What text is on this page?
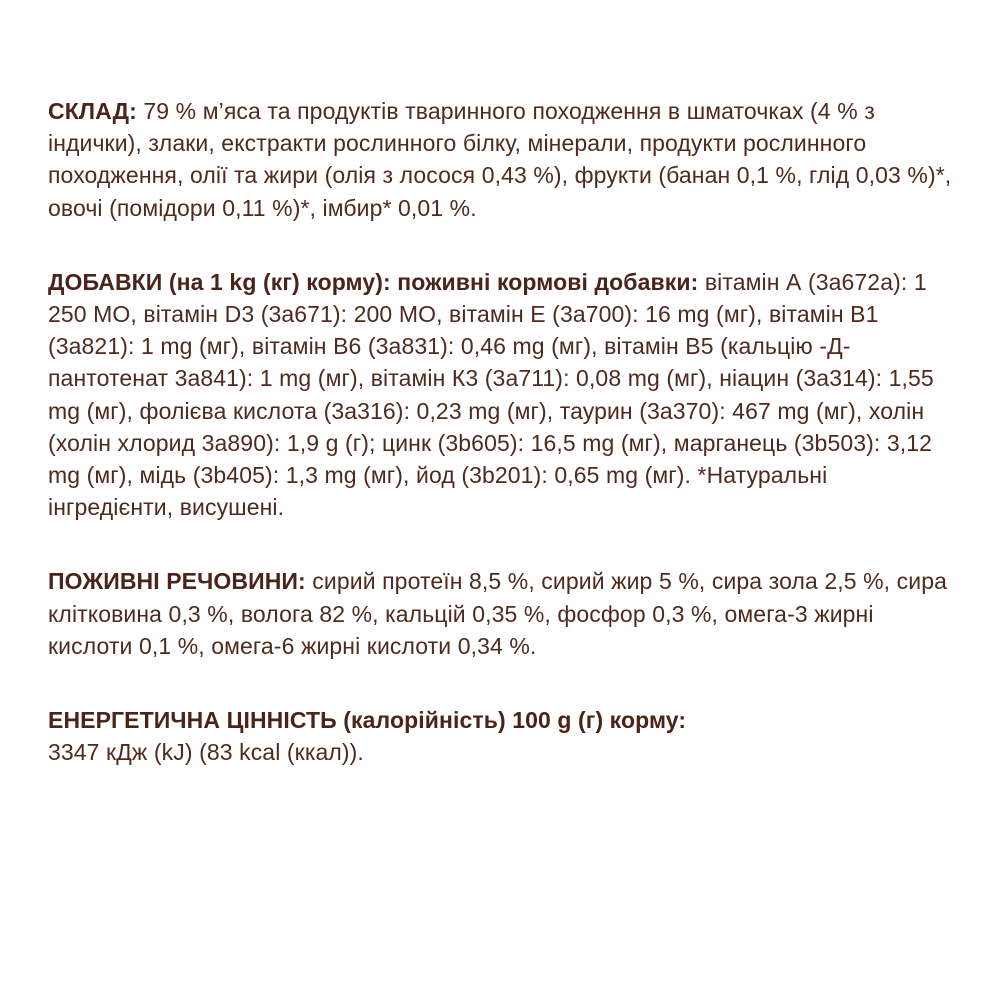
СКЛАД: 79 % м’яса та продуктів тваринного походження в шматочках (4 % з індички), злаки, екстракти рослинного білку, мінерали, продукти рослинного походження, олії та жири (олія з лосося 0,43 %), фрукти (банан 0,1 %, глід 0,03 %)*, овочі (помідори 0,11 %)*, імбир* 0,01 %.

ДОБАВКИ (на 1 kg (кг) корму): поживні кормові добавки: вітамін А (3a672a): 1 250 МО, вітамін D3 (3a671): 200 МО, вітамін Е (3a700): 16 mg (мг), вітамін В1 (3a821): 1 mg (мг), вітамін В6 (3a831): 0,46 mg (мг), вітамін В5 (кальцію -Д-пантотенат 3a841): 1 mg (мг), вітамін К3 (3a711): 0,08 mg (мг), ніацин (3a314): 1,55 mg (мг), фолієва кислота (3a316): 0,23 mg (мг), таурин (3a370): 467 mg (мг), холін (холін хлорид 3a890): 1,9 g (г); цинк (3b605): 16,5 mg (мг), марганець (3b503): 3,12 mg (мг), мідь (3b405): 1,3 mg (мг), йод (3b201): 0,65 mg (мг). *Натуральні інгредієнти, висушені.

ПОЖИВНІ РЕЧОВИНИ: сирий протеїн 8,5 %, сирий жир 5 %, сира зола 2,5 %, сира клітковина 0,3 %, волога 82 %, кальцій 0,35 %, фосфор 0,3 %, омега-3 жирні кислоти 0,1 %, омега-6 жирні кислоти 0,34 %.

ЕНЕРГЕТИЧНА ЦІННІСТЬ (калорійність) 100 g (г) корму:
3347 кДж (kJ) (83 kcal (ккал)).
